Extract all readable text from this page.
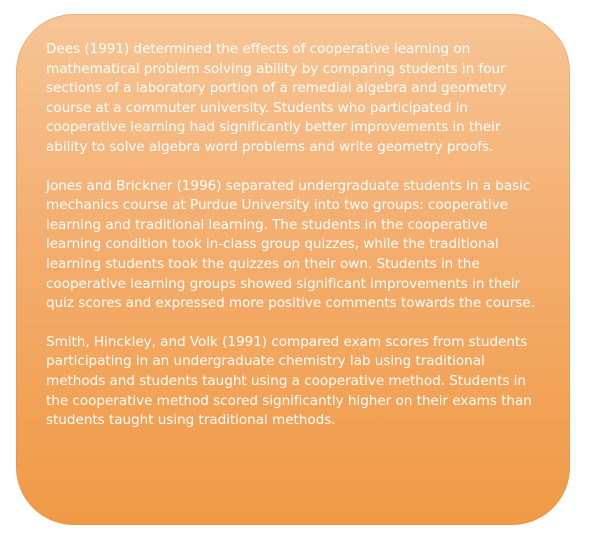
Dees (1991) determined the effects of cooperative learning on mathematical problem solving ability by comparing students in four sections of a laboratory portion of a remedial algebra and geometry course at a commuter university. Students who participated in cooperative learning had significantly better improvements in their ability to solve algebra word problems and write geometry proofs.

Jones and Brickner (1996) separated undergraduate students in a basic mechanics course at Purdue University into two groups: cooperative learning and traditional learning. The students in the cooperative learning condition took in-class group quizzes, while the traditional learning students took the quizzes on their own. Students in the cooperative learning groups showed significant improvements in their quiz scores and expressed more positive comments towards the course.

Smith, Hinckley, and Volk (1991) compared exam scores from students participating in an undergraduate chemistry lab using traditional methods and students taught using a cooperative method. Students in the cooperative method scored significantly higher on their exams than students taught using traditional methods.
